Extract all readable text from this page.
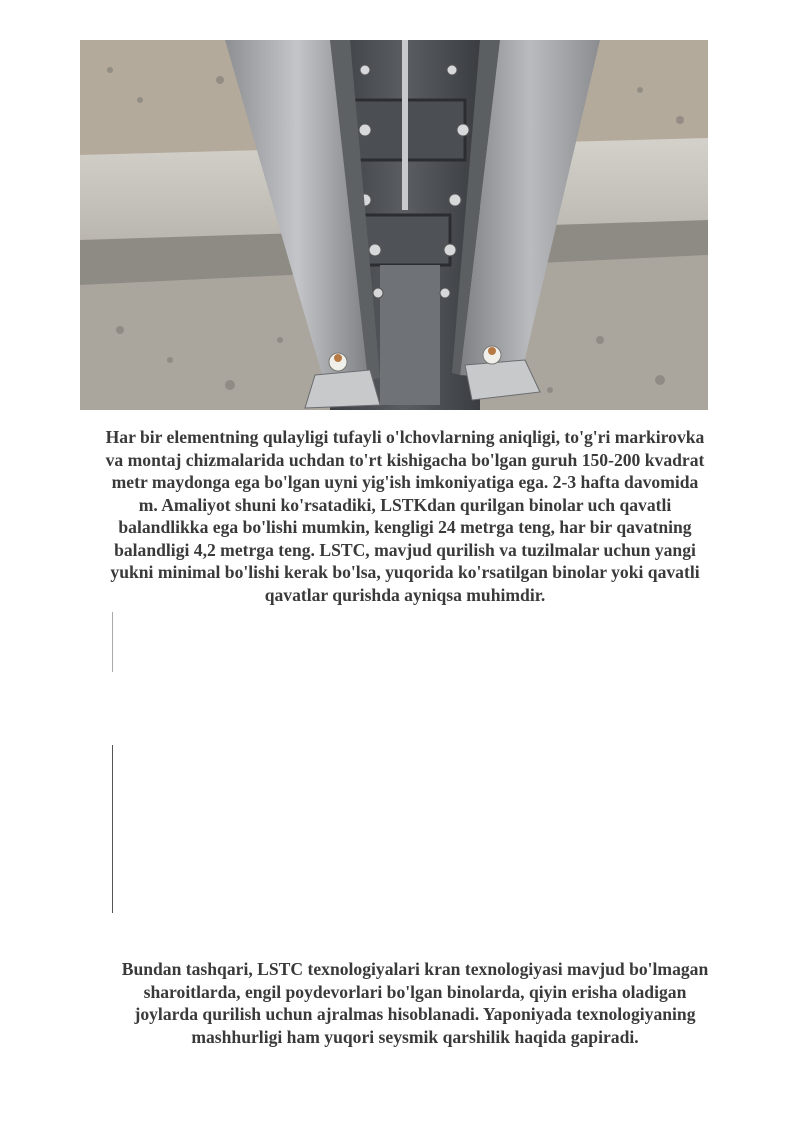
Har bir elementning qulayligi tufayli o'lchovlarning aniqligi, to'g'ri markirovka va montaj chizmalarida uchdan to'rt kishigacha bo'lgan guruh 150-200 kvadrat metr maydonga ega bo'lgan uyni yig'ish imkoniyatiga ega. 2-3 hafta davomida m. Amaliyot shuni ko'rsatadiki, LSTKdan qurilgan binolar uch qavatli balandlikka ega bo'lishi mumkin, kengligi 24 metrga teng, har bir qavatning balandligi 4,2 metrga teng. LSTC, mavjud qurilish va tuzilmalar uchun yangi yukni minimal bo'lishi kerak bo'lsa, yuqorida ko'rsatilgan binolar yoki qavatli qavatlar qurishda ayniqsa muhimdir.
Bundan tashqari, LSTC texnologiyalari kran texnologiyasi mavjud bo'lmagan sharoitlarda, engil poydevorlari bo'lgan binolarda, qiyin erisha oladigan joylarda qurilish uchun ajralmas hisoblanadi. Yaponiyada texnologiyaning mashhurligi ham yuqori seysmik qarshilik haqida gapiradi.
